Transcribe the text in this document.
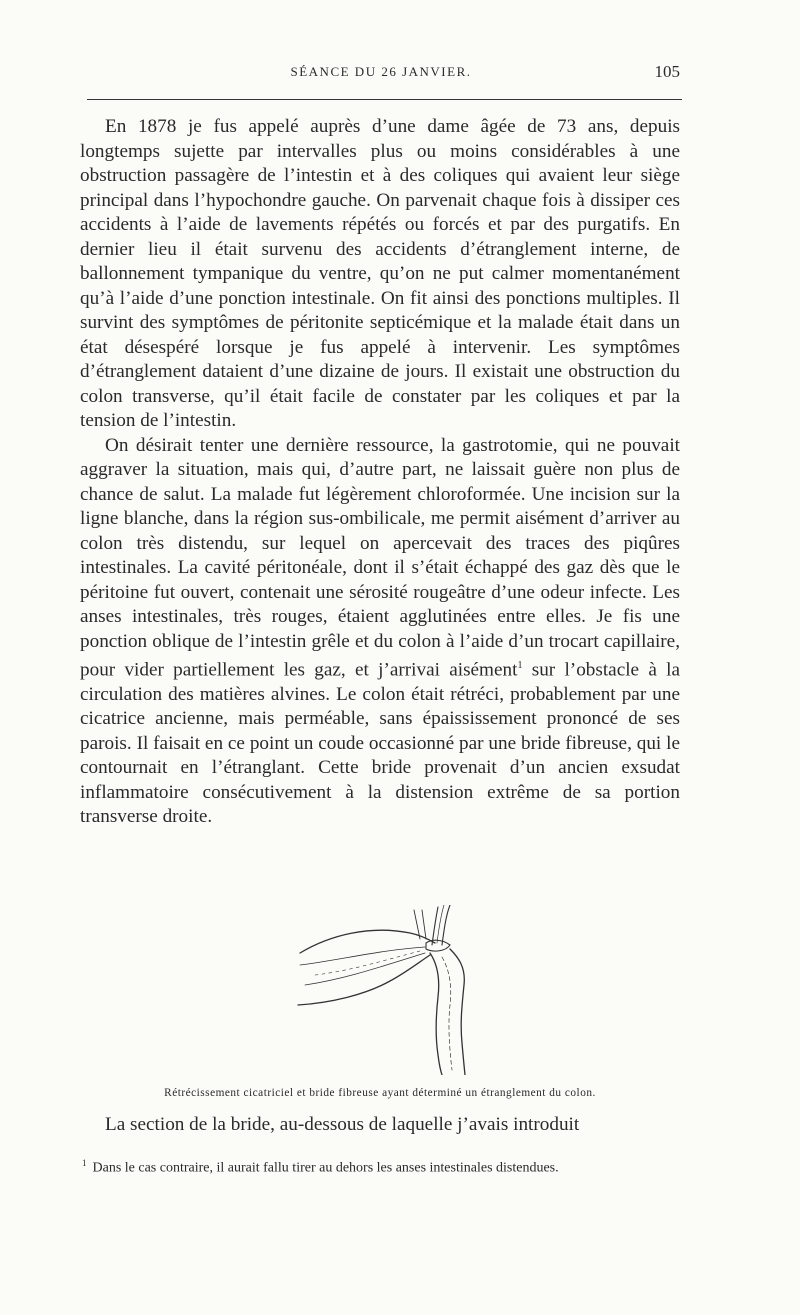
SÉANCE DU 26 JANVIER.	105

En 1878 je fus appelé auprès d’une dame âgée de 73 ans, depuis longtemps sujette par intervalles plus ou moins considérables à une obstruction passagère de l’intestin et à des coliques qui avaient leur siège principal dans l’hypochondre gauche. On parvenait chaque fois à dissiper ces accidents à l’aide de lavements répétés ou forcés et par des purgatifs. En dernier lieu il était survenu des accidents d’étranglement interne, de ballonnement tympanique du ventre, qu’on ne put calmer momentanément qu’à l’aide d’une ponction intestinale. On fit ainsi des ponctions multiples. Il survint des symptômes de péritonite septicémique et la malade était dans un état désespéré lorsque je fus appelé à intervenir. Les symptômes d’étranglement dataient d’une dizaine de jours. Il existait une obstruction du colon transverse, qu’il était facile de constater par les coliques et par la tension de l’intestin.

On désirait tenter une dernière ressource, la gastrotomie, qui ne pouvait aggraver la situation, mais qui, d’autre part, ne laissait guère non plus de chance de salut. La malade fut légèrement chloroformée. Une incision sur la ligne blanche, dans la région sus-ombilicale, me permit aisément d’arriver au colon très distendu, sur lequel on apercevait des traces des piqûres intestinales. La cavité péritonéale, dont il s’était échappé des gaz dès que le péritoine fut ouvert, contenait une sérosité rougeâtre d’une odeur infecte. Les anses intestinales, très rouges, étaient agglutinées entre elles. Je fis une ponction oblique de l’intestin grêle et du colon à l’aide d’un trocart capillaire, pour vider partiellement les gaz, et j’arrivai aisément$^1$ sur l’obstacle à la circulation des matières alvines. Le colon était rétréci, probablement par une cicatrice ancienne, mais perméable, sans épaississement prononcé de ses parois. Il faisait en ce point un coude occasionné par une bride fibreuse, qui le contournait en l’étranglant. Cette bride provenait d’un ancien exsudat inflammatoire consécutivement à la distension extrême de sa portion transverse droite.

Rétrécissement cicatriciel et bride fibreuse ayant déterminé un étranglement du colon.
La section de la bride, au-dessous de laquelle j’avais introduit
$^1$ Dans le cas contraire, il aurait fallu tirer au dehors les anses intestinales distendues.
